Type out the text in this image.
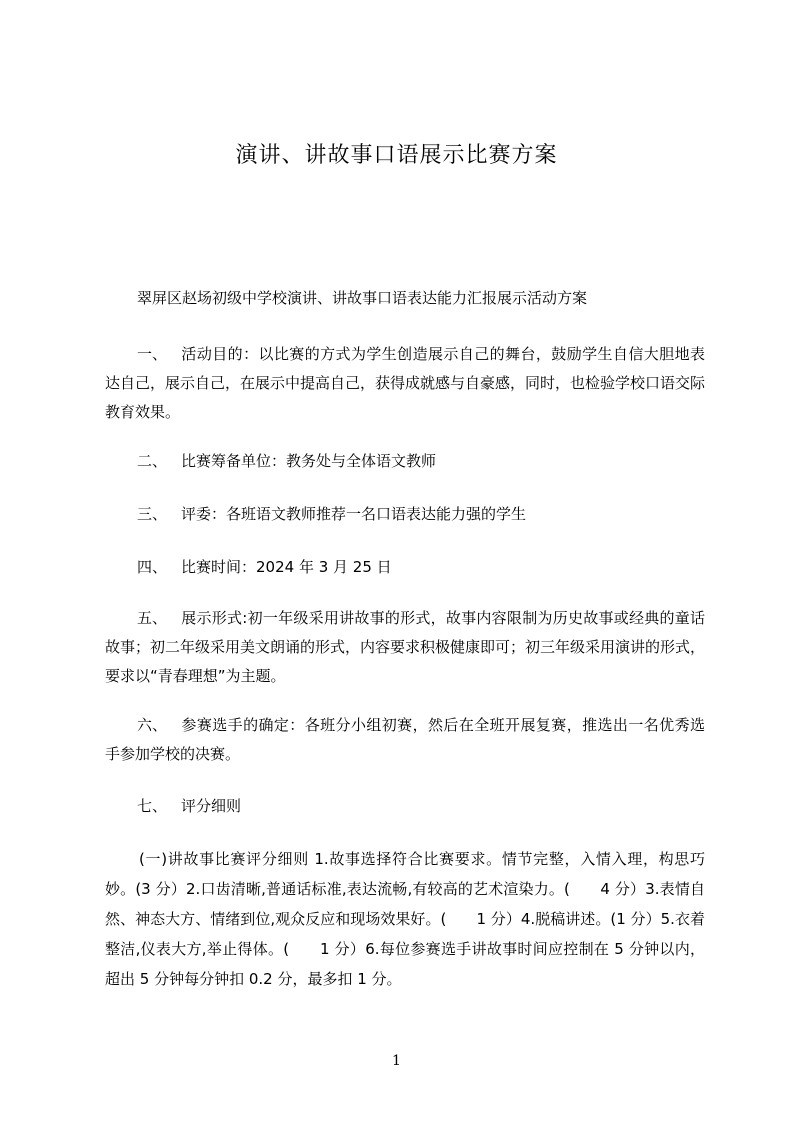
演讲、讲故事口语展示比赛方案
翠屏区赵场初级中学校演讲、讲故事口语表达能力汇报展示活动方案
一、 活动目的：以比赛的方式为学生创造展示自己的舞台，鼓励学生自信大胆地表达自己，展示自己，在展示中提高自己，获得成就感与自豪感，同时，也检验学校口语交际教育效果。
二、 比赛筹备单位：教务处与全体语文教师
三、 评委：各班语文教师推荐一名口语表达能力强的学生
四、 比赛时间：2024 年 3 月 25 日
五、 展示形式:初一年级采用讲故事的形式，故事内容限制为历史故事或经典的童话故事；初二年级采用美文朗诵的形式，内容要求积极健康即可；初三年级采用演讲的形式，要求以“青春理想”为主题。
六、 参赛选手的确定：各班分小组初赛，然后在全班开展复赛，推选出一名优秀选手参加学校的决赛。
七、 评分细则
(一)讲故事比赛评分细则 1.故事选择符合比赛要求。情节完整，入情入理，构思巧妙。(3 分）2.口齿清晰,普通话标准,表达流畅,有较高的艺术渲染力。(　　4 分）3.表情自然、神态大方、情绪到位,观众反应和现场效果好。(　　1 分）4.脱稿讲述。(1 分）5.衣着整洁,仪表大方,举止得体。(　　1 分）6.每位参赛选手讲故事时间应控制在 5 分钟以内，超出 5 分钟每分钟扣 0.2 分，最多扣 1 分。
1
